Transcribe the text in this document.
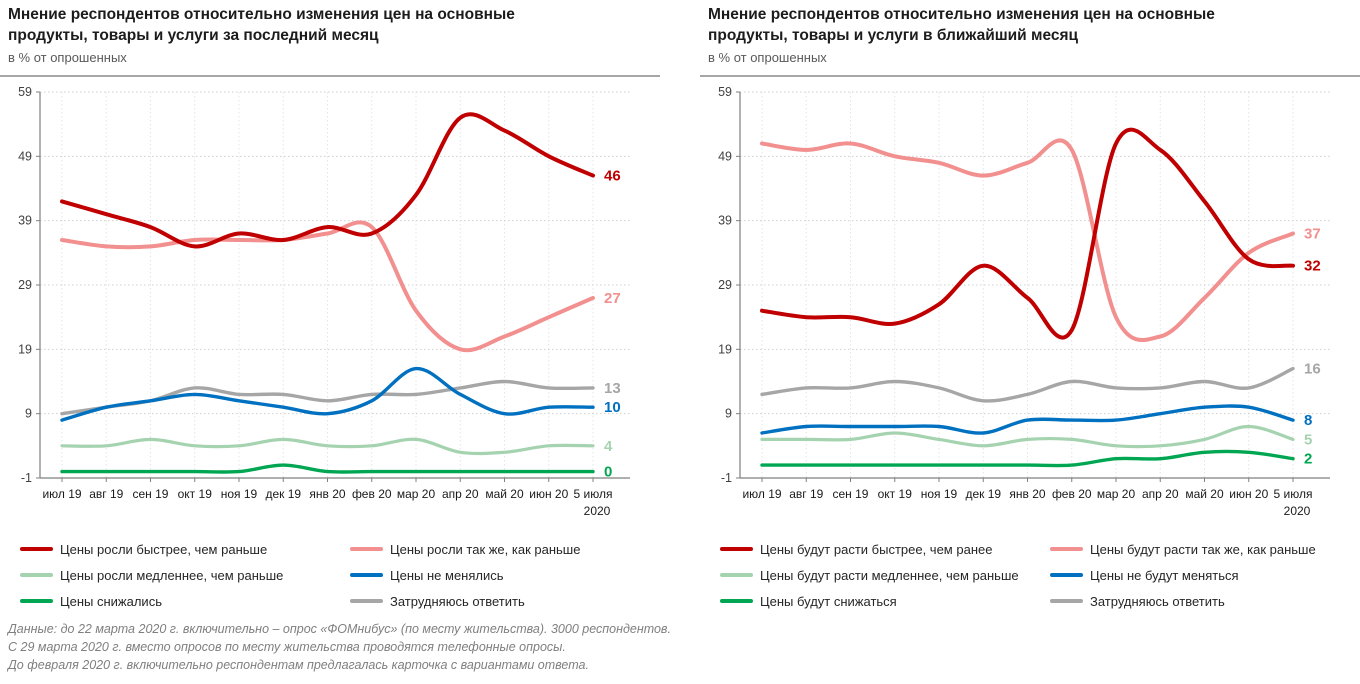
Мнение респондентов относительно изменения цен на основные
продукты, товары и услуги за последний месяц
в % от опрошенных
-1
9
19
29
39
49
59
июл 19 авг 19 сен 19 окт 19 ноя 19 дек 19 янв 20 фев 20 мар 20 апр 20 май 20 июн 20 5 июля
2020
46
27
4
10
0
13
Цены росли быстрее, чем раньше	Цены росли так же, как раньше
Цены росли медленнее, чем раньше	Цены не менялись
Цены снижались	Затрудняюсь ответить
Мнение респондентов относительно изменения цен на основные
продукты, товары и услуги в ближайший месяц
в % от опрошенных
-1
9
19
29
39
49
59
июл 19 авг 19 сен 19 окт 19 ноя 19 дек 19 янв 20 фев 20 мар 20 апр 20 май 20 июн 20 5 июля
2020
32
37
5
8
2
16
Цены будут расти быстрее, чем ранее	Цены будут расти так же, как раньше
Цены будут расти медленнее, чем раньше	Цены не будут меняться
Цены будут снижаться	Затрудняюсь ответить
Данные: до 22 марта 2020 г. включительно – опрос «ФОМнибус» (по месту жительства). 3000 респондентов.
С 29 марта 2020 г. вместо опросов по месту жительства проводятся телефонные опросы.
До февраля 2020 г. включительно респондентам предлагалась карточка с вариантами ответа.
